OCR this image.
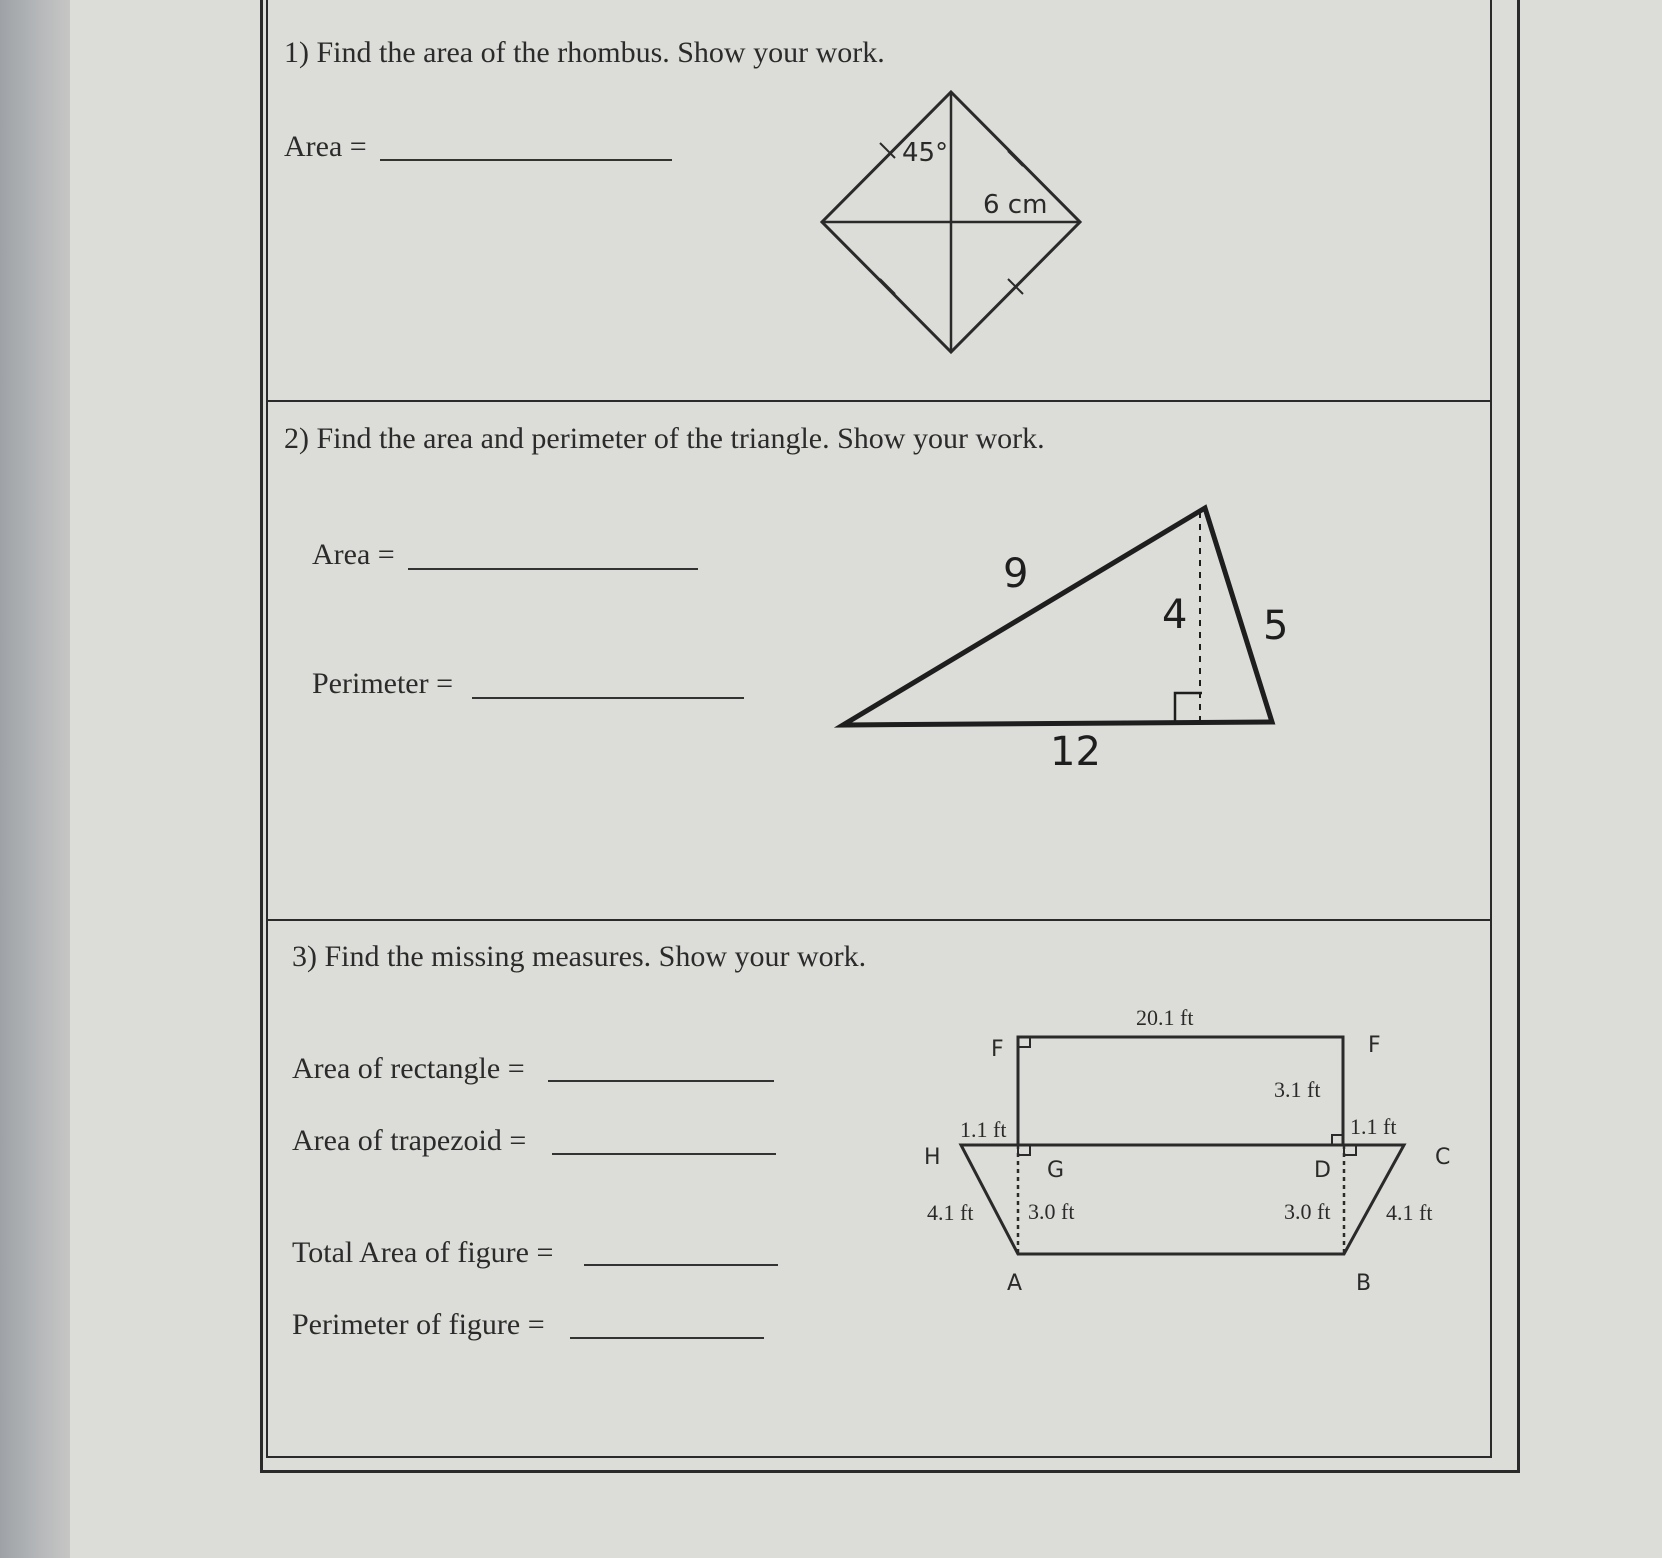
1) Find the area of the rhombus. Show your work.
Area =
2) Find the area and perimeter of the triangle. Show your work.
Area =
Perimeter =
3) Find the missing measures. Show your work.
Area of rectangle =
Area of trapezoid =
Total Area of figure =
Perimeter of figure =
45°
6 cm
9
4 5
12
20.1 ft
3.1 ft
1.1 ft	1.1 ft
4.1 ft	4.1 ft
3.0 ft	3.0 ft
F	F
H
G	D
C
A	B
